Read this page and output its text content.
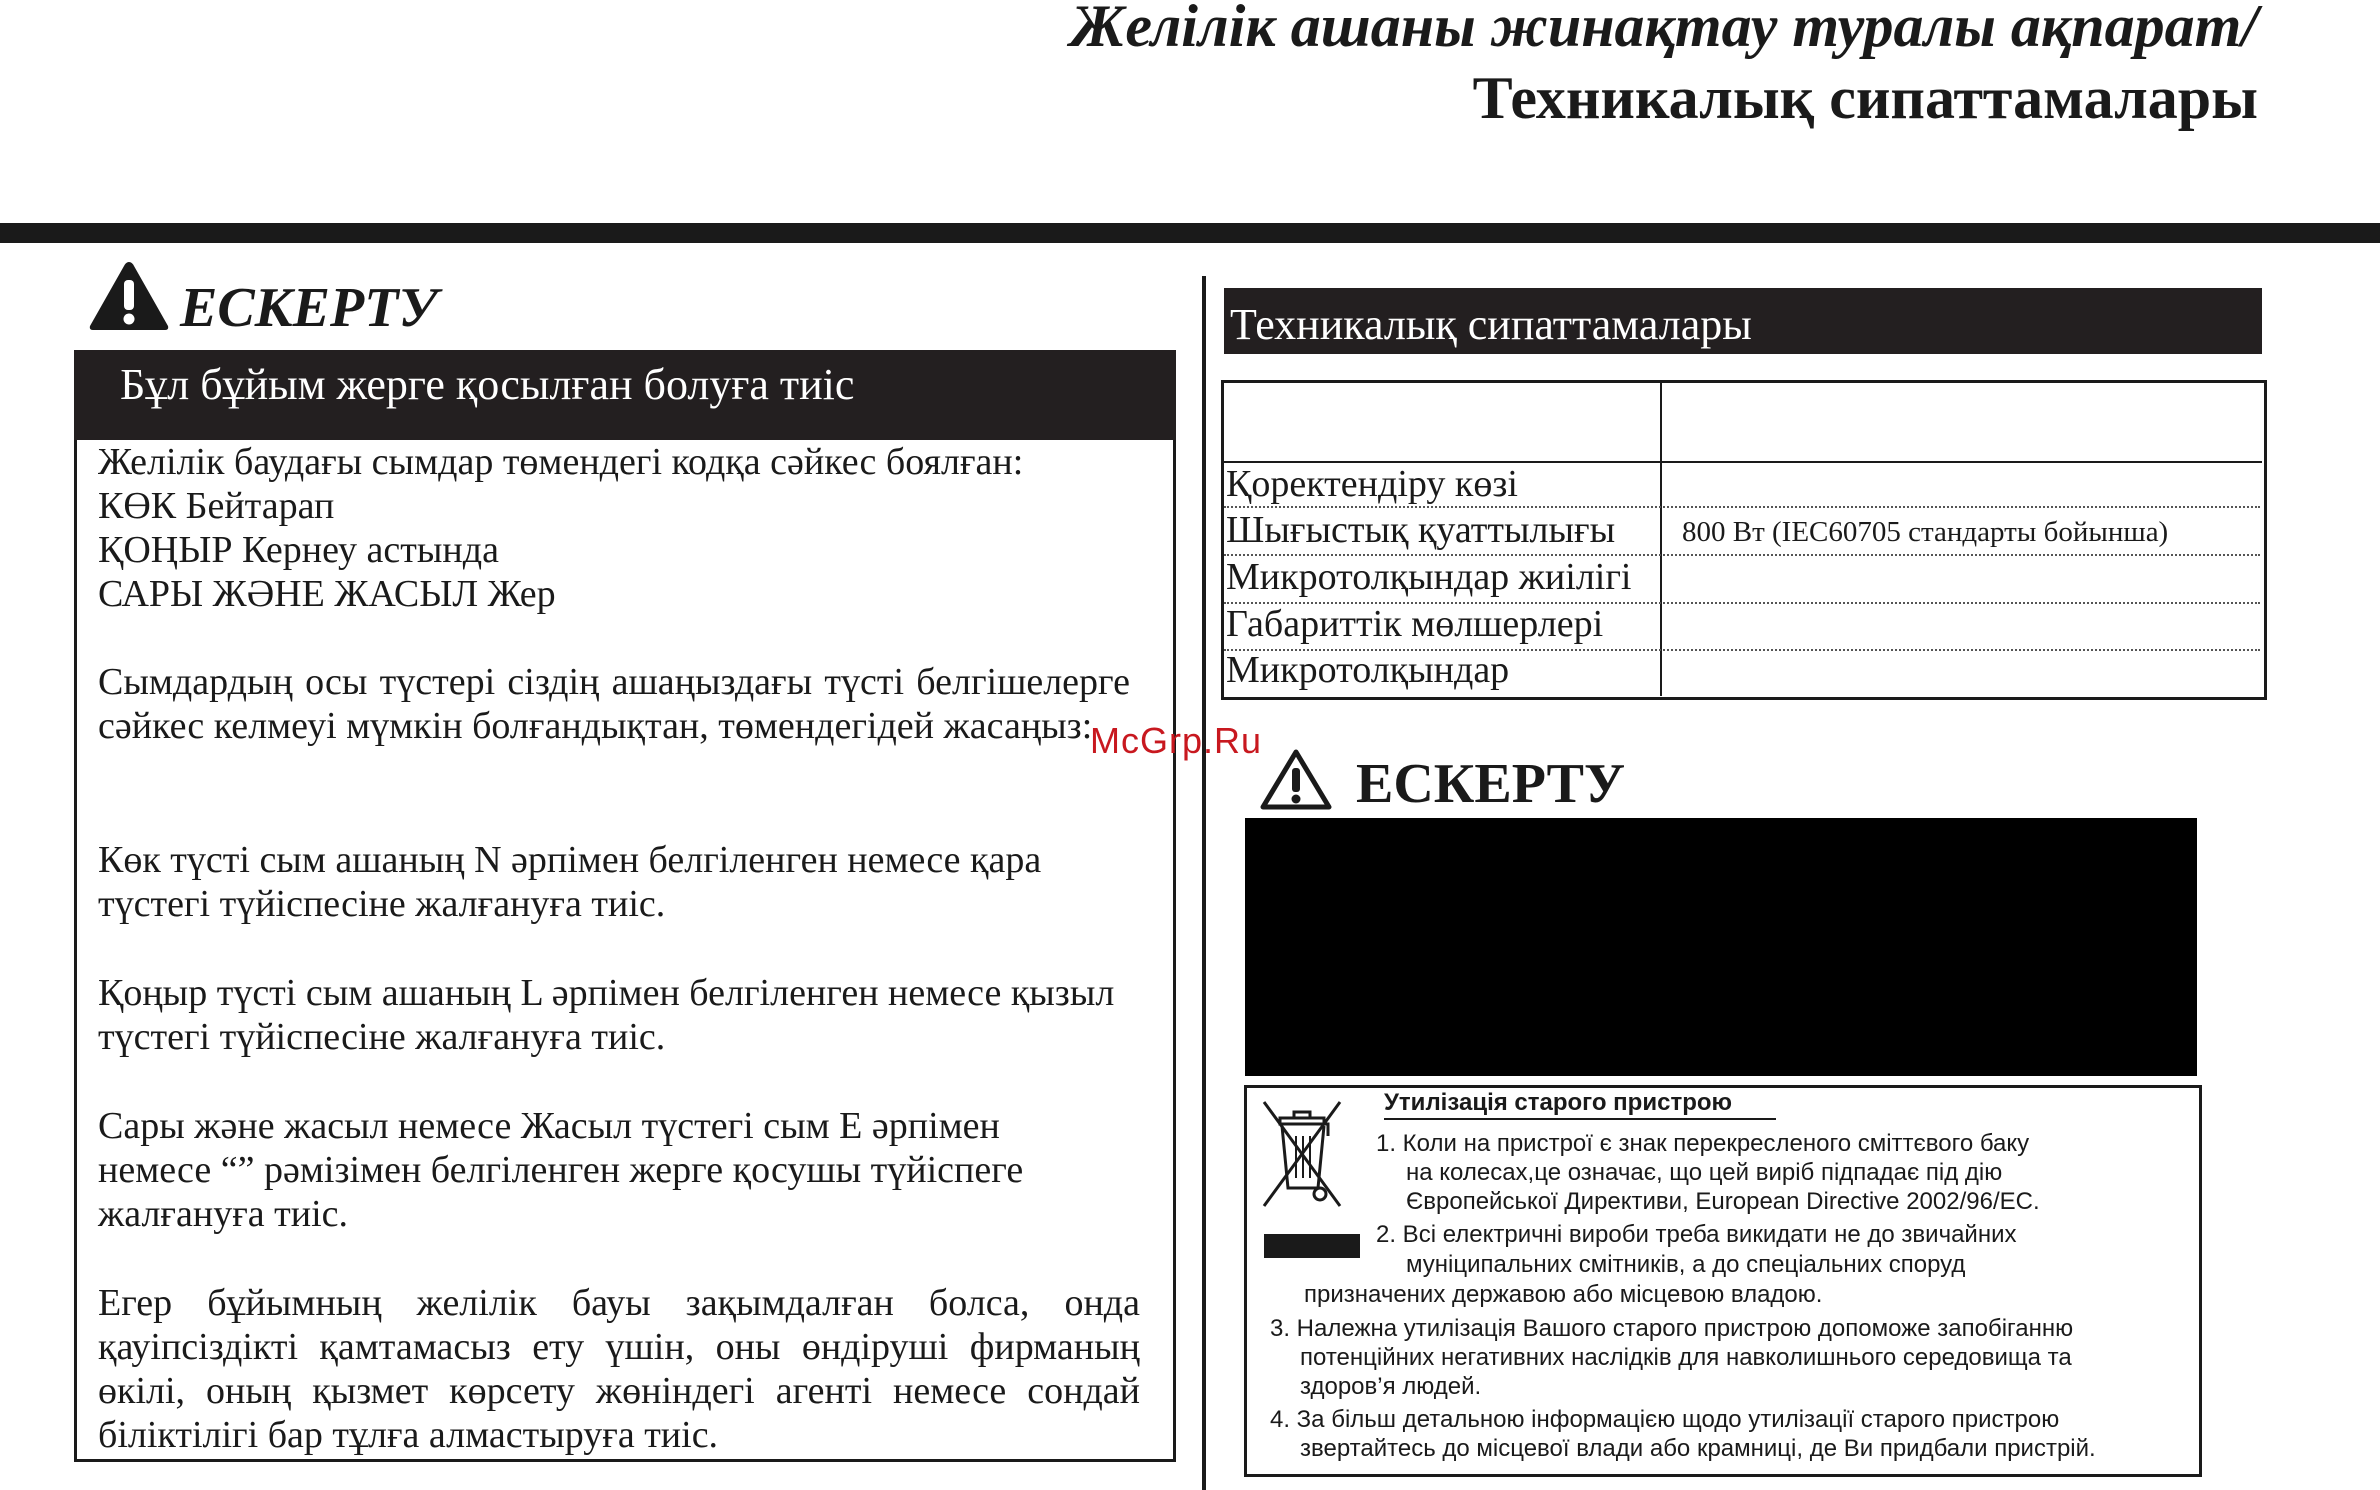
Желілік ашаны жинақтау туралы ақпарат/
Техникалық сипаттамалары
ЕСКЕРТУ
Бұл бұйым жерге қосылған болуға тиіс
Желілік баудағы сымдар төмендегі кодқа сәйкес боялған:
КӨК Бейтарап
ҚОҢЫР Кернеу астында
САРЫ ЖӘНЕ ЖАСЫЛ Жер
Сымдардың осы түстері сіздің ашаңыздағы түсті белгішелерге сәйкес келмеуі мүмкін болғандықтан, төмендегідей жасаңыз:
Көк түсті сым ашаның N әрпімен белгіленген немесе қара
түстегі түйіспесіне жалғануға тиіс.
Қоңыр түсті сым ашаның L әрпімен белгіленген немесе қызыл
түстегі түйіспесіне жалғануға тиіс.
Сары және жасыл немесе Жасыл түстегі сым E әрпімен
немесе “” рәмізімен белгіленген жерге қосушы түйіспеге
жалғануға тиіс.
Егер бұйымның желілік бауы зақымдалған болса, онда қауіпсіздікті қамтамасыз ету үшін, оны өндіруші фирманың өкілі, оның қызмет көрсету жөніндегі агенті немесе сондай біліктілігі бар тұлға алмастыруға тиіс.
Техникалық сипаттамалары
Қоректендіру көзі
Шығыстық қуаттылығы 800 Вт (IEC60705 стандарты бойынша)
Микротолқындар жиілігі
Габариттік мөлшерлері
Микротолқындар
ЕСКЕРТУ
McGrp.Ru
Утилізація старого пристрою
1. Коли на пристрої є знак перекресленого сміттєвого баку
на колесах,це означає, що цей виріб підпадає під дію
Європейської Директиви, European Directive 2002/96/EC.
2. Всі електричні вироби треба викидати не до звичайних
муніципальних смітників, а до спеціальних споруд
призначених державою або місцевою владою.
3. Належна утилізація Вашого старого пристрою допоможе запобіганню
потенційних негативних наслідків для навколишнього середовища та
здоров’я людей.
4. За більш детальною інформацією щодо утилізації старого пристрою
звертайтесь до місцевої влади або крамниці, де Ви придбали пристрій.
